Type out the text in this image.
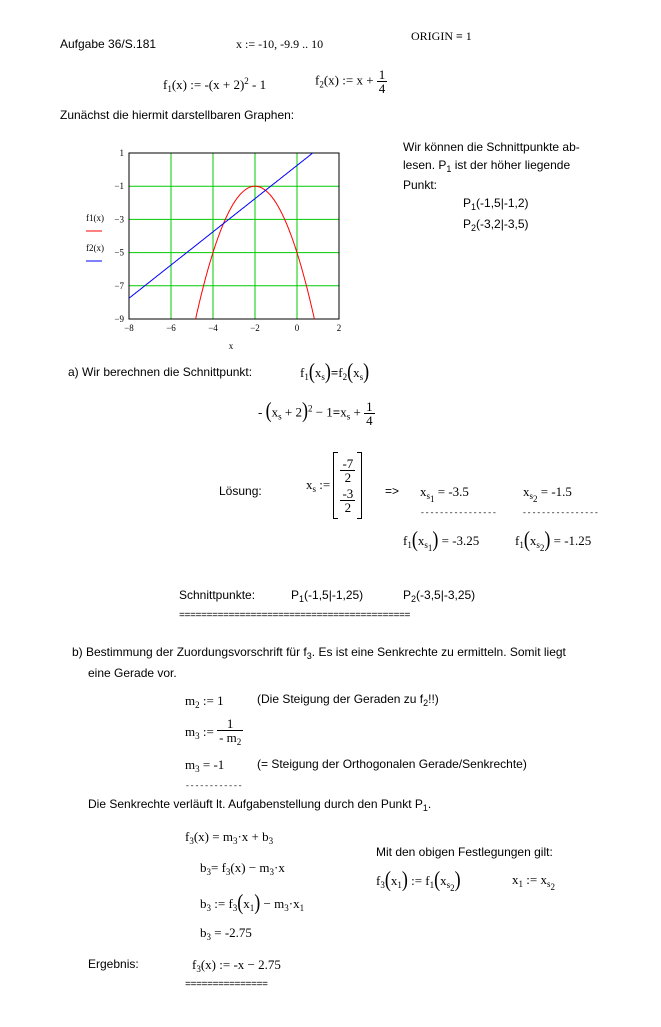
Aufgabe 36/S.181	x := -10, -9.9 .. 10
ORIGIN ≡ 1
$f_1(x)$ := $-(x + 2)^2 - 1$	$f_2(x)$ := $x + \frac{1}{4}$
Zunächst die hiermit darstellbaren Graphen:
−8	−6	−4	−2	0	2
1
−1
−3
−5
−7
−9
x
f1(x)
f2(x)
Wir können die Schnittpunkte ab-
lesen. $P_1$ ist der höher liegende
Punkt:
$P_1(-1,5|-1,2)$
$P_2(-3,2|-3,5)$
a) Wir berechnen die Schnittpunkt:	$f_1(x_s)=f_2(x_s)$
- $(x_s + 2)^2 - 1=x_s + \frac{1}{4}$
Lösung:	$x_s$ :=
-7
2
-3
2
=> $x_{s_1} = -3.5$	$x_{s_2} = -1.5$
----------------	----------------
$f_1(x_{s_1}) = -3.25$	$f_1(x_{s_2}) = -1.25$
Schnittpunkte:	$P_1(-1,5|-1,25)$	$P_2(-3,5|-3,25)$
==========================================
b) Bestimmung der Zuordungsvorschrift für $f_3$. Es ist eine Senkrechte zu ermitteln. Somit liegt
eine Gerade vor.
$m_2$ := 1	(Die Steigung der Geraden zu $f_2$!!)
$m_3$ := $\frac{1}{- m_2}$
$m_3 = -1$	(= Steigung der Orthogonalen Gerade/Senkrechte)
------------
Die Senkrechte verläuft lt. Aufgabenstellung durch den Punkt $P_1$.
$f_3(x) = m_3\cdot x + b_3$
$b_3= f_3(x) - m_3\cdot x$
$b_3$ := $f_3(x_1) - m_3\cdot x_1$
$b_3 = -2.75$
Mit den obigen Festlegungen gilt:
$f_3(x_1)$ := $f_1(x_{s_2})$	$x_1$ := $x_{s_2}$
Ergebnis:	$f_3(x)$ := -x − 2.75
===============
